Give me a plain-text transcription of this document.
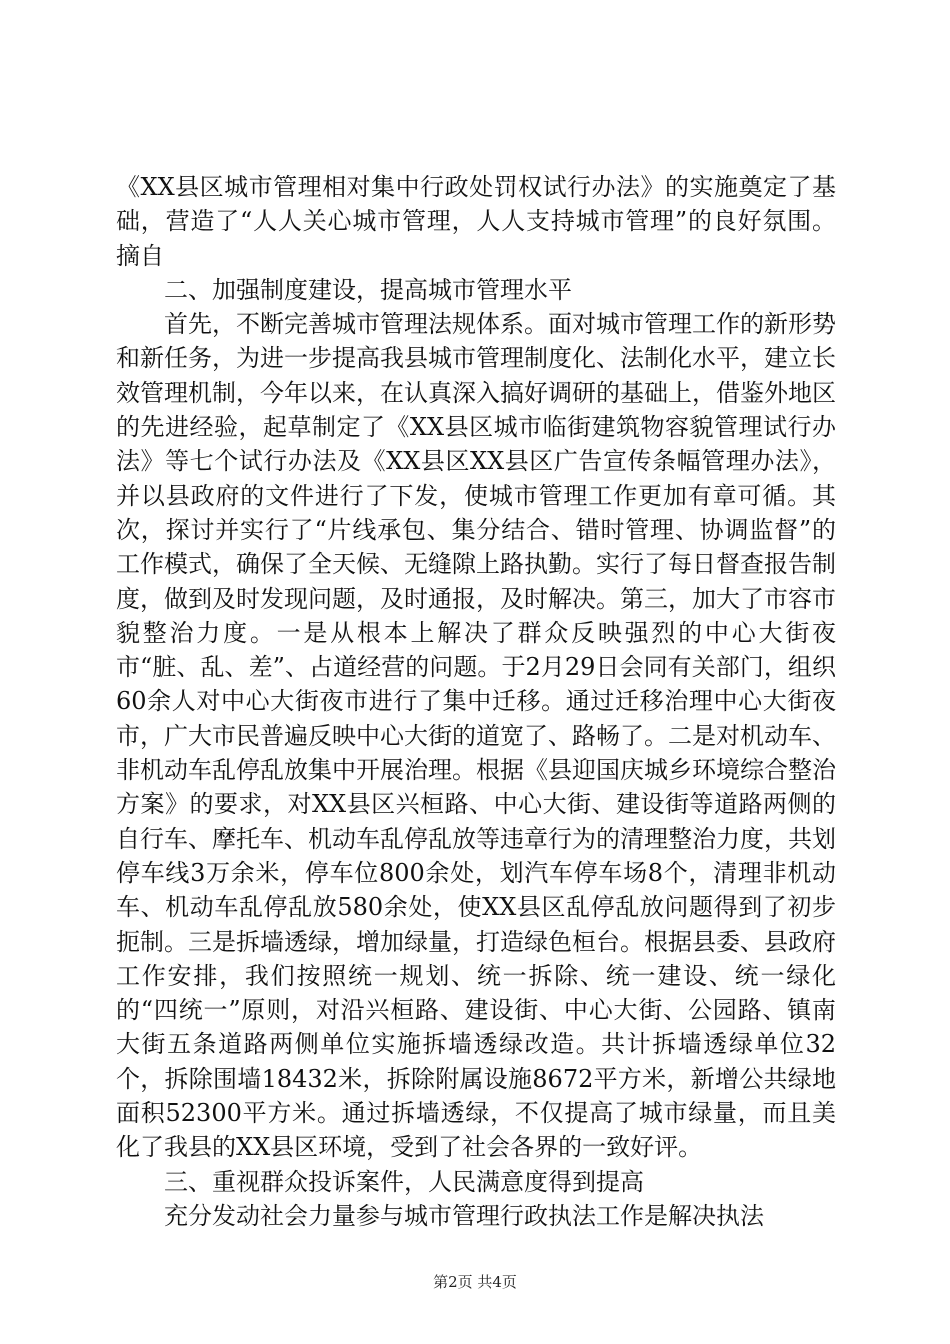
《XX县区城市管理相对集中行政处罚权试行办法》的实施奠定了基础，营造了“人人关心城市管理，人人支持城市管理”的良好氛围。摘自

二、加强制度建设，提高城市管理水平

首先，不断完善城市管理法规体系。面对城市管理工作的新形势和新任务，为进一步提高我县城市管理制度化、法制化水平，建立长效管理机制，今年以来，在认真深入搞好调研的基础上，借鉴外地区的先进经验，起草制定了《XX县区城市临街建筑物容貌管理试行办法》等七个试行办法及《XX县区XX县区广告宣传条幅管理办法》，并以县政府的文件进行了下发，使城市管理工作更加有章可循。其次，探讨并实行了“片线承包、集分结合、错时管理、协调监督”的工作模式，确保了全天候、无缝隙上路执勤。实行了每日督查报告制度，做到及时发现问题，及时通报，及时解决。第三，加大了市容市貌整治力度。一是从根本上解决了群众反映强烈的中心大街夜市“脏、乱、差”、占道经营的问题。于2月29日会同有关部门，组织60余人对中心大街夜市进行了集中迁移。通过迁移治理中心大街夜市，广大市民普遍反映中心大街的道宽了、路畅了。二是对机动车、非机动车乱停乱放集中开展治理。根据《县迎国庆城乡环境综合整治方案》的要求，对XX县区兴桓路、中心大街、建设街等道路两侧的自行车、摩托车、机动车乱停乱放等违章行为的清理整治力度，共划停车线3万余米，停车位800余处，划汽车停车场8个，清理非机动车、机动车乱停乱放580余处，使XX县区乱停乱放问题得到了初步扼制。三是拆墙透绿，增加绿量，打造绿色桓台。根据县委、县政府工作安排，我们按照统一规划、统一拆除、统一建设、统一绿化的“四统一”原则，对沿兴桓路、建设街、中心大街、公园路、镇南大街五条道路两侧单位实施拆墙透绿改造。共计拆墙透绿单位32个，拆除围墙18432米，拆除附属设施8672平方米，新增公共绿地面积52300平方米。通过拆墙透绿，不仅提高了城市绿量，而且美化了我县的XX县区环境，受到了社会各界的一致好评。

三、重视群众投诉案件，人民满意度得到提高

充分发动社会力量参与城市管理行政执法工作是解决执法

第2页 共4页
